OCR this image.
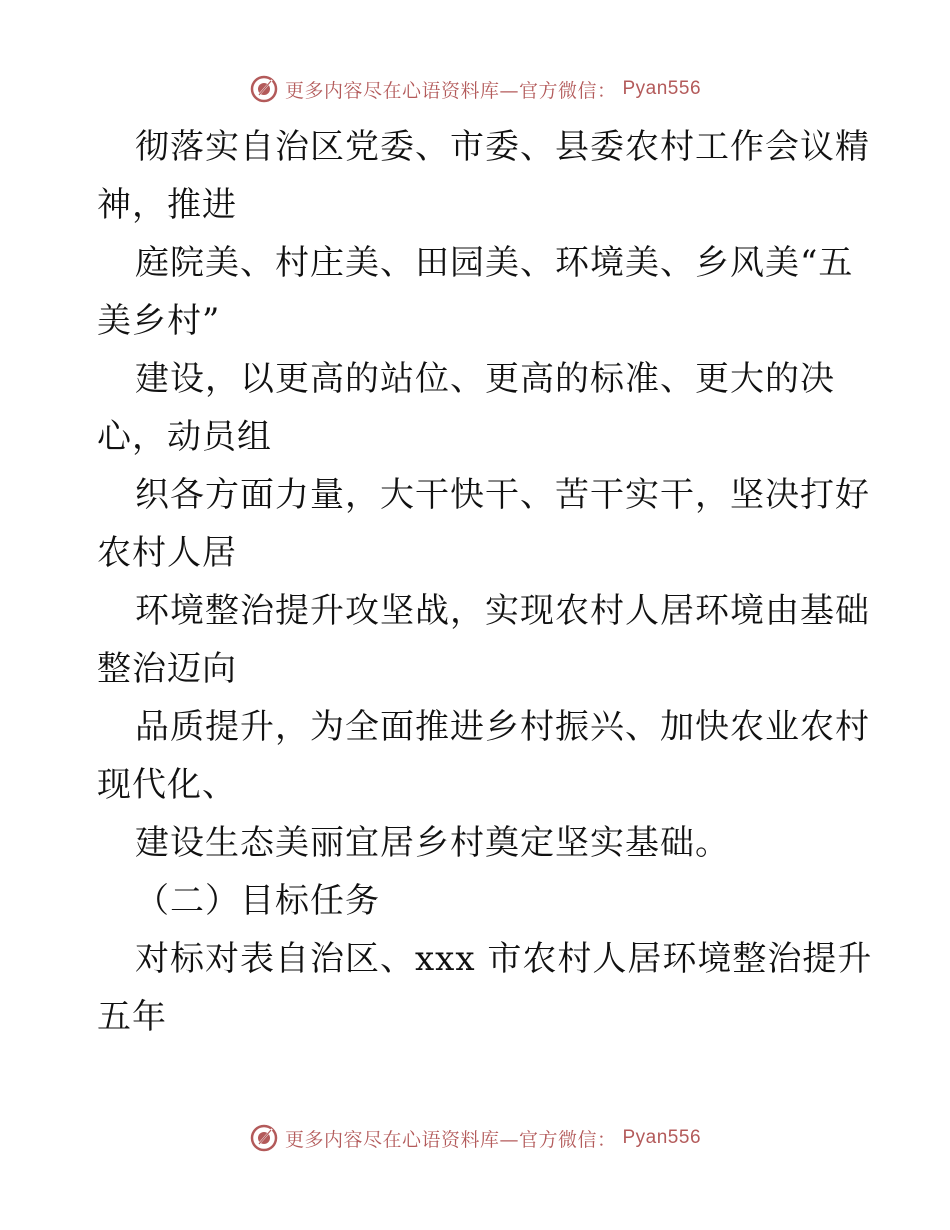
更多内容尽在心语资料库—官方微信： Pyan556
彻落实自治区党委、市委、县委农村工作会议精
神，推进
庭院美、村庄美、田园美、环境美、乡风美“五
美乡村”
建设，以更高的站位、更高的标准、更大的决
心，动员组
织各方面力量，大干快干、苦干实干，坚决打好
农村人居
环境整治提升攻坚战，实现农村人居环境由基础
整治迈向
品质提升，为全面推进乡村振兴、加快农业农村
现代化、
建设生态美丽宜居乡村奠定坚实基础。
（二）目标任务
对标对表自治区、xxx 市农村人居环境整治提升
五年
更多内容尽在心语资料库—官方微信： Pyan556
